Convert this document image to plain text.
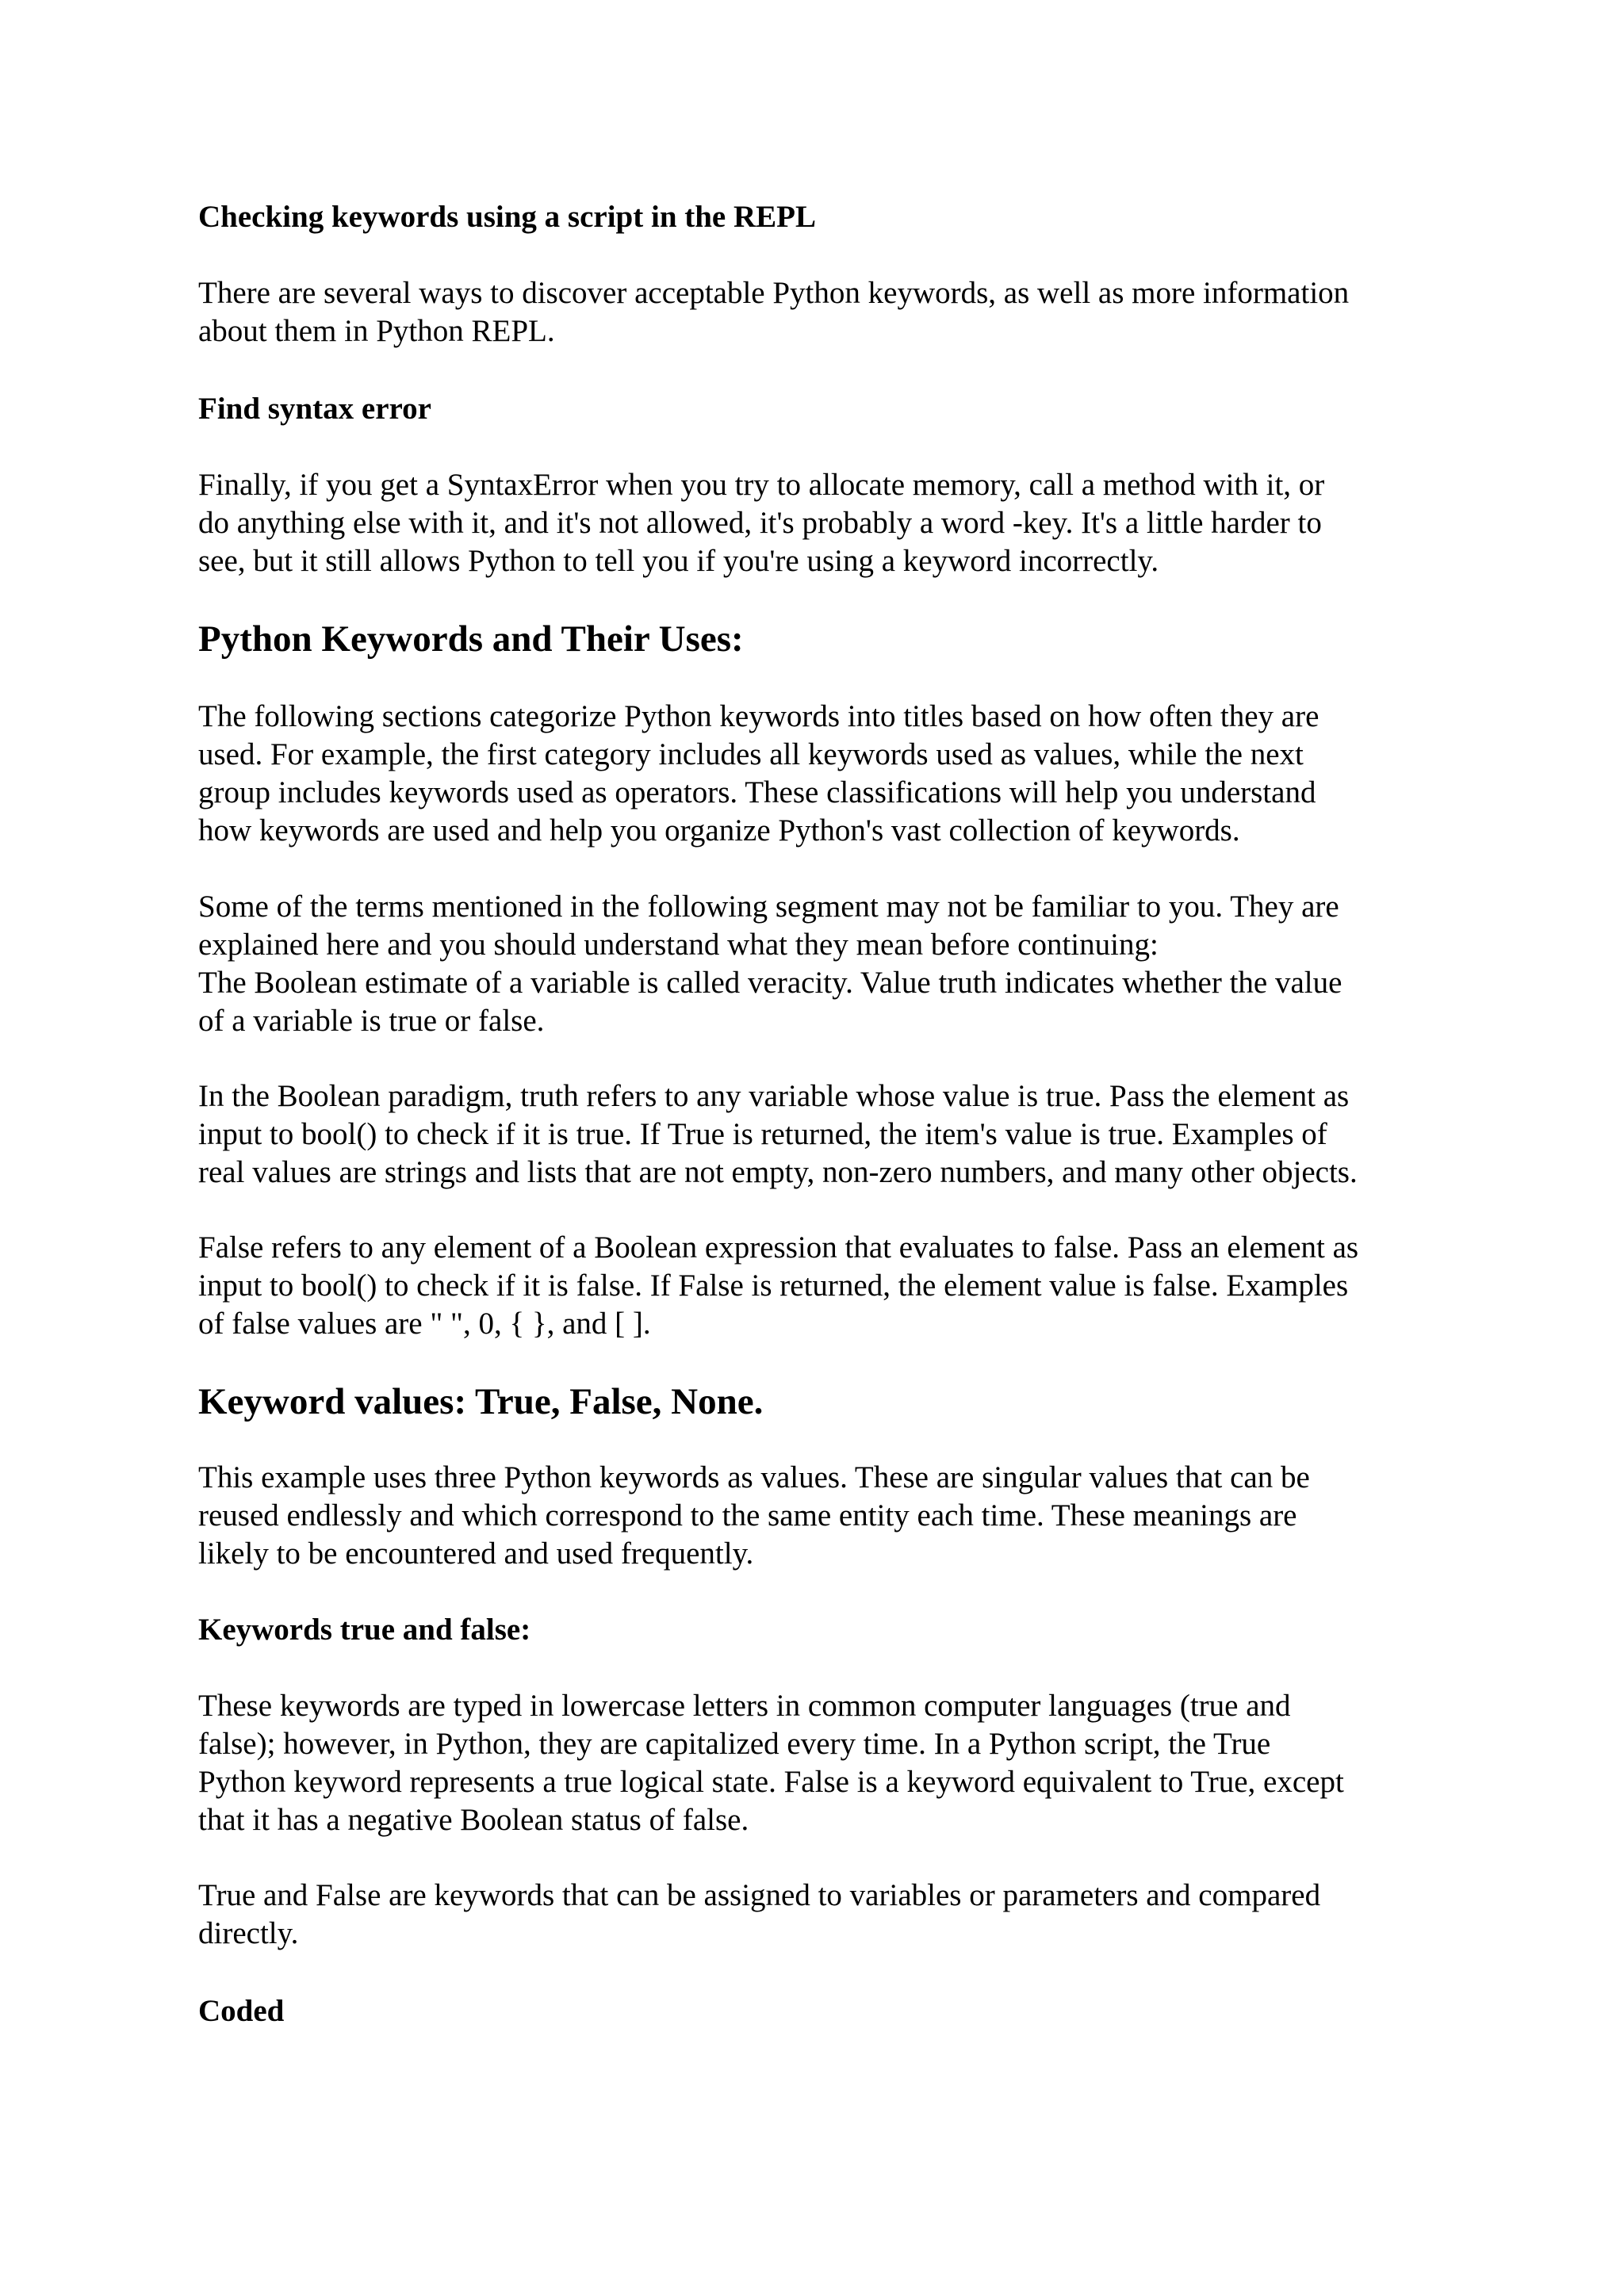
Checking keywords using a script in the REPL

There are several ways to discover acceptable Python keywords, as well as more information
about them in Python REPL.

Find syntax error

Finally, if you get a SyntaxError when you try to allocate memory, call a method with it, or
do anything else with it, and it's not allowed, it's probably a word -key. It's a little harder to
see, but it still allows Python to tell you if you're using a keyword incorrectly.

Python Keywords and Their Uses:

The following sections categorize Python keywords into titles based on how often they are
used. For example, the first category includes all keywords used as values, while the next
group includes keywords used as operators. These classifications will help you understand
how keywords are used and help you organize Python's vast collection of keywords.

Some of the terms mentioned in the following segment may not be familiar to you. They are
explained here and you should understand what they mean before continuing:
The Boolean estimate of a variable is called veracity. Value truth indicates whether the value
of a variable is true or false.

In the Boolean paradigm, truth refers to any variable whose value is true. Pass the element as
input to bool() to check if it is true. If True is returned, the item's value is true. Examples of
real values are strings and lists that are not empty, non-zero numbers, and many other objects.

False refers to any element of a Boolean expression that evaluates to false. Pass an element as
input to bool() to check if it is false. If False is returned, the element value is false. Examples
of false values are " ", 0, { }, and [ ].

Keyword values: True, False, None.

This example uses three Python keywords as values. These are singular values that can be
reused endlessly and which correspond to the same entity each time. These meanings are
likely to be encountered and used frequently.

Keywords true and false:

These keywords are typed in lowercase letters in common computer languages (true and
false); however, in Python, they are capitalized every time. In a Python script, the True
Python keyword represents a true logical state. False is a keyword equivalent to True, except
that it has a negative Boolean status of false.

True and False are keywords that can be assigned to variables or parameters and compared
directly.

Coded
